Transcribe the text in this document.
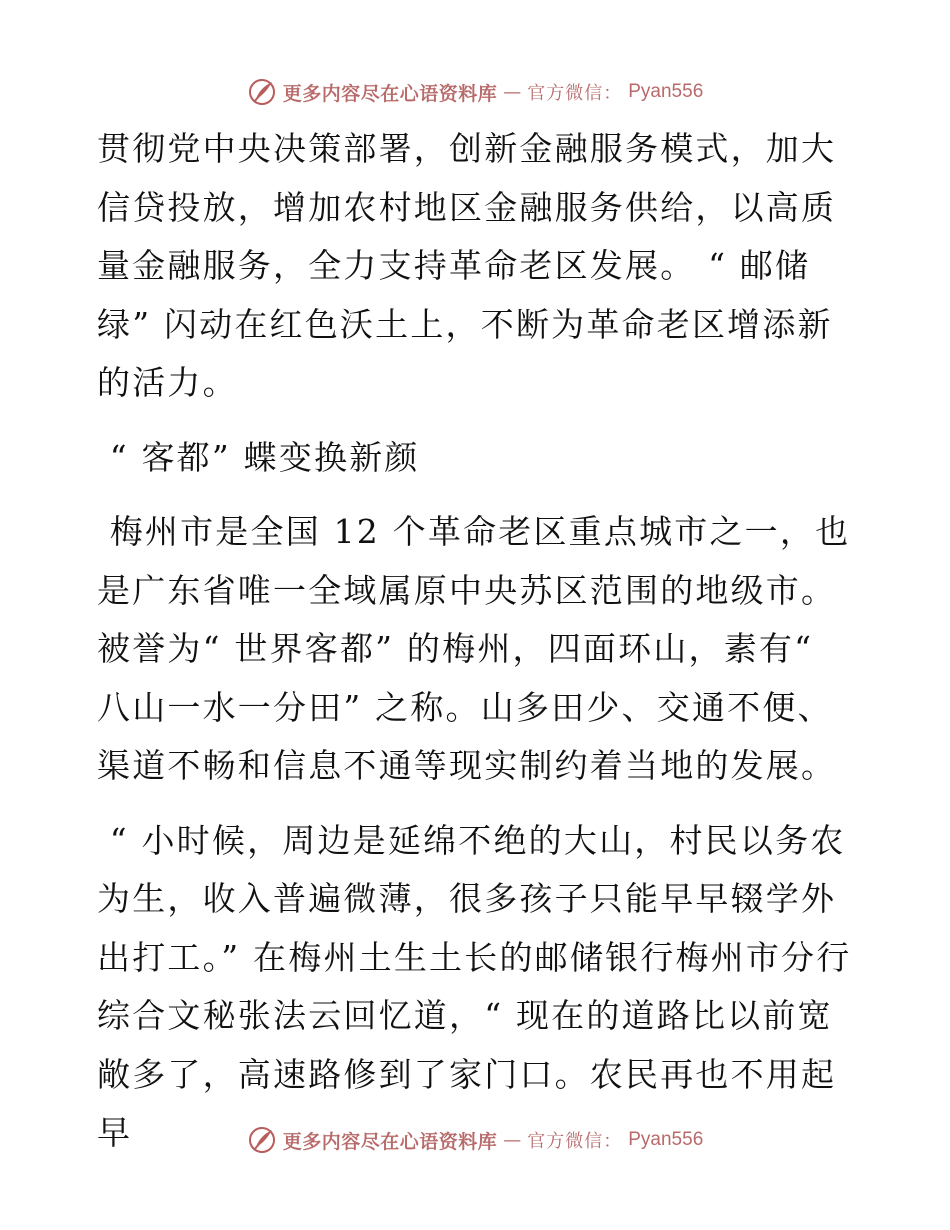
更多内容尽在心语资料库 — 官方微信： Pyan556

贯彻党中央决策部署，创新金融服务模式，加大信贷投放，增加农村地区金融服务供给，以高质量金融服务，全力支持革命老区发展。 “ 邮储绿” 闪动在红色沃土上，不断为革命老区增添新的活力。

“ 客都” 蝶变换新颜

梅州市是全国 12 个革命老区重点城市之一，也是广东省唯一全域属原中央苏区范围的地级市。被誉为“ 世界客都” 的梅州，四面环山，素有“ 八山一水一分田” 之称。山多田少、交通不便、渠道不畅和信息不通等现实制约着当地的发展。

“ 小时候，周边是延绵不绝的大山，村民以务农为生，收入普遍微薄，很多孩子只能早早辍学外出打工。” 在梅州土生土长的邮储银行梅州市分行综合文秘张法云回忆道，“ 现在的道路比以前宽敞多了，高速路修到了家门口。农民再也不用起早	更多内容尽在心语资料库 — 官方微信： Pyan556
